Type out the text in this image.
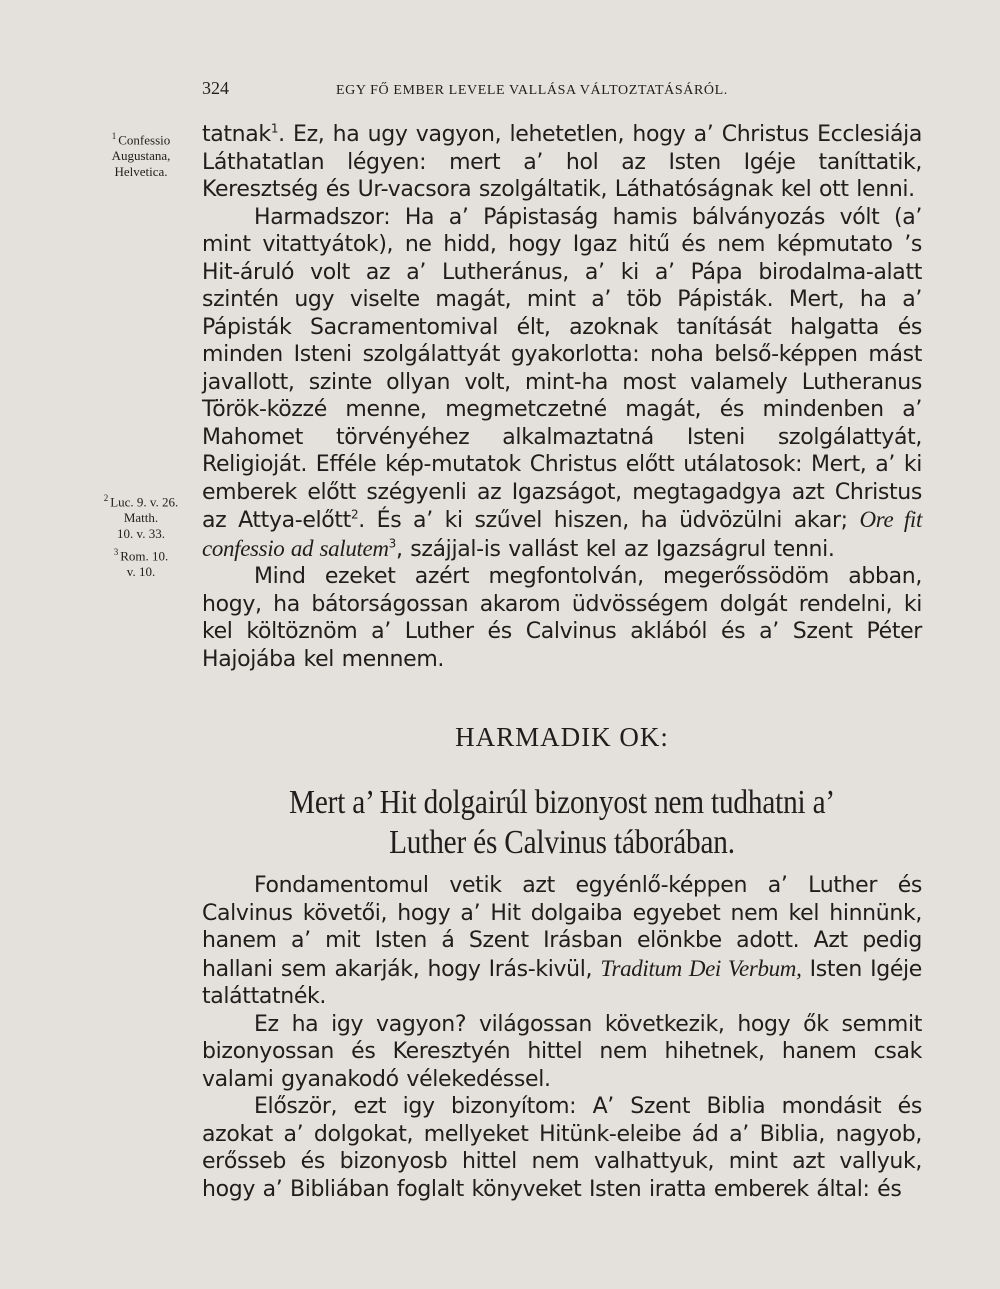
324	EGY FŐ EMBER LEVELE VALLÁSA VÁLTOZTATÁSÁRÓL.
$^1$ Confessio
Augustana,
Helvetica.
$^2$ Luc. 9. v. 26.
Matth.
10. v. 33.
$^3$ Rom. 10.
v. 10.

tatnak$^1$. Ez, ha ugy vagyon, lehetetlen, hogy a’ Christus Ecclesiája Láthatatlan légyen: mert a’ hol az Isten Igéje taníttatik, Keresztség és Ur-vacsora szolgáltatik, Láthatóságnak kel ott lenni.

Harmadszor: Ha a’ Pápistaság hamis bálványozás vólt (a’ mint vitattyátok), ne hidd, hogy Igaz hitű és nem képmutato ’s Hit-áruló volt az a’ Lutheránus, a’ ki a’ Pápa birodalma-alatt szintén ugy viselte magát, mint a’ töb Pápisták. Mert, ha a’ Pápisták Sacramentomival élt, azoknak tanítását halgatta és minden Isteni szolgálattyát gyakorlotta: noha belső-képpen mást javallott, szinte ollyan volt, mint-ha most valamely Lutheranus Török-közzé menne, megmetczetné magát, és mindenben a’ Mahomet törvényéhez alkalmaztatná Isteni szolgálattyát, Religioját. Efféle kép-mutatok Christus előtt utálatosok: Mert, a’ ki emberek előtt szégyenli az Igazságot, megtagadgya azt Christus az Attya-előtt$^2$. És a’ ki szűvel hiszen, ha üdvözülni akar; Ore fit confessio ad salutem$^3$, szájjal-is vallást kel az Igazságrul tenni.

Mind ezeket azért megfontolván, megerőssödöm abban, hogy, ha bátorságossan akarom üdvösségem dolgát rendelni, ki kel költöznöm a’ Luther és Calvinus aklából és a’ Szent Péter Hajojába kel mennem.

HARMADIK OK:
Mert a’ Hit dolgairúl bizonyost nem tudhatni a’ Luther és Calvinus táborában.

Fondamentomul vetik azt egyénlő-képpen a’ Luther és Calvinus követői, hogy a’ Hit dolgaiba egyebet nem kel hinnünk, hanem a’ mit Isten á Szent Irásban elönkbe adott. Azt pedig hallani sem akarják, hogy Irás-kivül, Traditum Dei Verbum, Isten Igéje taláttatnék.

Ez ha igy vagyon? világossan következik, hogy ők semmit bizonyossan és Keresztyén hittel nem hihetnek, hanem csak valami gyanakodó vélekedéssel.

Először, ezt igy bizonyítom: A’ Szent Biblia mondásit és azokat a’ dolgokat, mellyeket Hitünk-eleibe ád a’ Biblia, nagyob, erősseb és bizonyosb hittel nem valhattyuk, mint azt vallyuk, hogy a’ Bibliában foglalt könyveket Isten iratta emberek által: és
